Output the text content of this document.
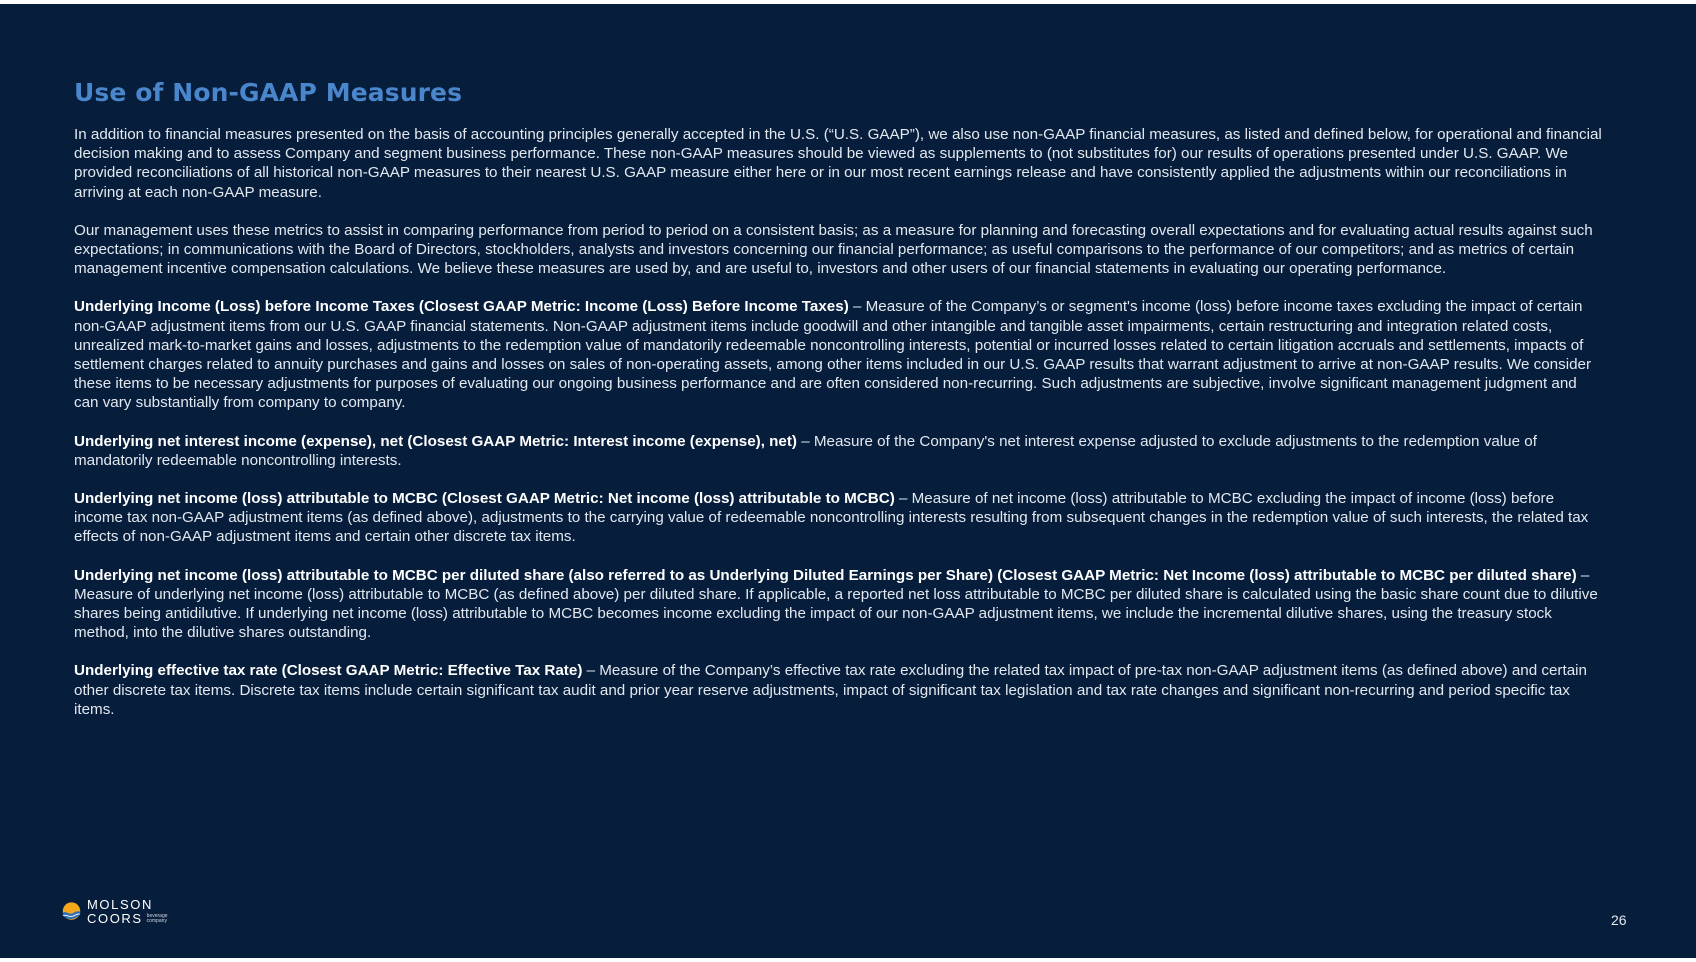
Use of Non-GAAP Measures

In addition to financial measures presented on the basis of accounting principles generally accepted in the U.S. (“U.S. GAAP”), we also use non-GAAP financial measures, as listed and defined below, for operational and financial decision making and to assess Company and segment business performance. These non-GAAP measures should be viewed as supplements to (not substitutes for) our results of operations presented under U.S. GAAP. We provided reconciliations of all historical non-GAAP measures to their nearest U.S. GAAP measure either here or in our most recent earnings release and have consistently applied the adjustments within our reconciliations in arriving at each non-GAAP measure.

Our management uses these metrics to assist in comparing performance from period to period on a consistent basis; as a measure for planning and forecasting overall expectations and for evaluating actual results against such expectations; in communications with the Board of Directors, stockholders, analysts and investors concerning our financial performance; as useful comparisons to the performance of our competitors; and as metrics of certain management incentive compensation calculations. We believe these measures are used by, and are useful to, investors and other users of our financial statements in evaluating our operating performance.

Underlying Income (Loss) before Income Taxes (Closest GAAP Metric: Income (Loss) Before Income Taxes) – Measure of the Company’s or segment's income (loss) before income taxes excluding the impact of certain non-GAAP adjustment items from our U.S. GAAP financial statements. Non-GAAP adjustment items include goodwill and other intangible and tangible asset impairments, certain restructuring and integration related costs, unrealized mark-to-market gains and losses, adjustments to the redemption value of mandatorily redeemable noncontrolling interests, potential or incurred losses related to certain litigation accruals and settlements, impacts of settlement charges related to annuity purchases and gains and losses on sales of non-operating assets, among other items included in our U.S. GAAP results that warrant adjustment to arrive at non-GAAP results. We consider these items to be necessary adjustments for purposes of evaluating our ongoing business performance and are often considered non-recurring. Such adjustments are subjective, involve significant management judgment and can vary substantially from company to company.

Underlying net interest income (expense), net (Closest GAAP Metric: Interest income (expense), net) – Measure of the Company's net interest expense adjusted to exclude adjustments to the redemption value of mandatorily redeemable noncontrolling interests.

Underlying net income (loss) attributable to MCBC (Closest GAAP Metric: Net income (loss) attributable to MCBC) – Measure of net income (loss) attributable to MCBC excluding the impact of income (loss) before income tax non-GAAP adjustment items (as defined above), adjustments to the carrying value of redeemable noncontrolling interests resulting from subsequent changes in the redemption value of such interests, the related tax effects of non-GAAP adjustment items and certain other discrete tax items.

Underlying net income (loss) attributable to MCBC per diluted share (also referred to as Underlying Diluted Earnings per Share) (Closest GAAP Metric: Net Income (loss) attributable to MCBC per diluted share) – Measure of underlying net income (loss) attributable to MCBC (as defined above) per diluted share. If applicable, a reported net loss attributable to MCBC per diluted share is calculated using the basic share count due to dilutive shares being antidilutive. If underlying net income (loss) attributable to MCBC becomes income excluding the impact of our non-GAAP adjustment items, we include the incremental dilutive shares, using the treasury stock method, into the dilutive shares outstanding.

Underlying effective tax rate (Closest GAAP Metric: Effective Tax Rate) – Measure of the Company’s effective tax rate excluding the related tax impact of pre-tax non-GAAP adjustment items (as defined above) and certain other discrete tax items. Discrete tax items include certain significant tax audit and prior year reserve adjustments, impact of significant tax legislation and tax rate changes and significant non-recurring and period specific tax items.

MOLSON
COORS beverage
company	26
